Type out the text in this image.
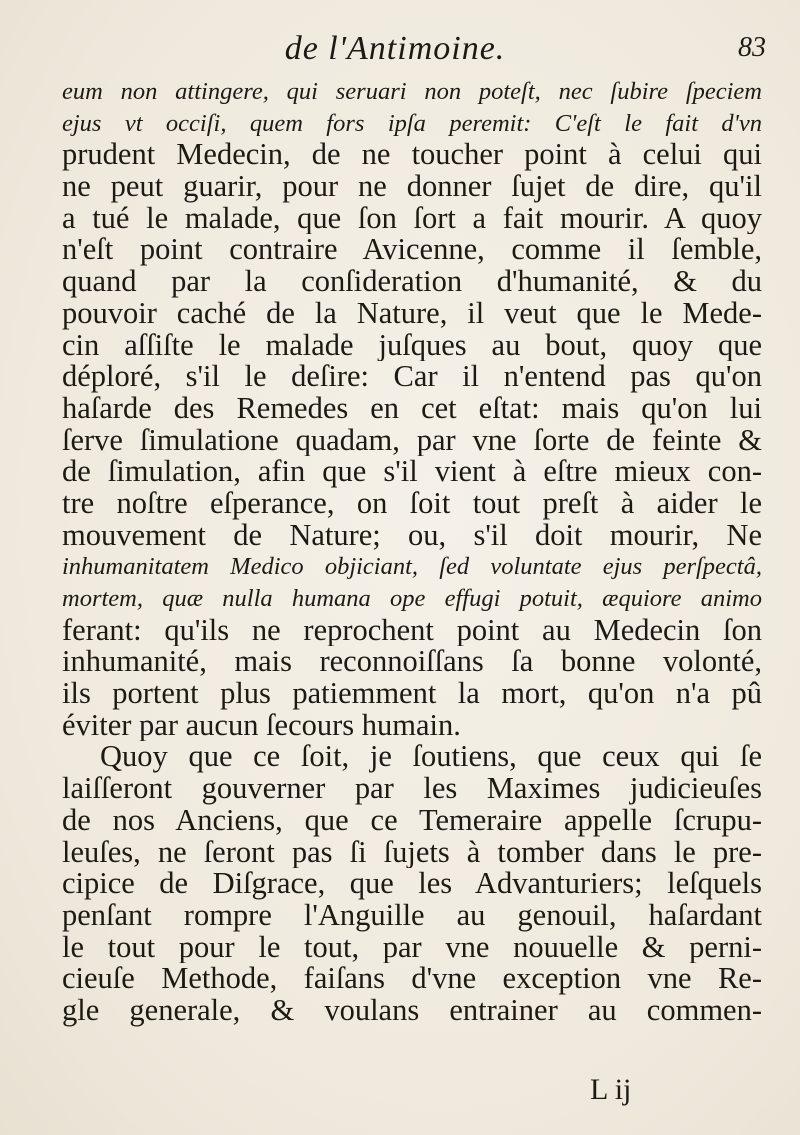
de l'Antimoine.	83
eum non attingere, qui seruari non poteſt, nec ſubire ſpeciem
ejus vt occiſi, quem fors ipſa peremit: C'eſt le fait d'vn
prudent Medecin, de ne toucher point à celui qui
ne peut guarir, pour ne donner ſujet de dire, qu'il
a tué le malade, que ſon ſort a fait mourir. A quoy
n'eſt point contraire Avicenne, comme il ſemble,
quand par la conſideration d'humanité, & du
pouvoir caché de la Nature, il veut que le Mede-
cin aſſiſte le malade juſques au bout, quoy que
déploré, s'il le deſire: Car il n'entend pas qu'on
haſarde des Remedes en cet eſtat: mais qu'on lui
ſerve ſimulatione quadam, par vne ſorte de feinte &
de ſimulation, afin que s'il vient à eſtre mieux con-
tre noſtre eſperance, on ſoit tout preſt à aider le
mouvement de Nature; ou, s'il doit mourir, Ne
inhumanitatem Medico objiciant, ſed voluntate ejus perſpectâ,
mortem, quæ nulla humana ope effugi potuit, æquiore animo
ferant: qu'ils ne reprochent point au Medecin ſon
inhumanité, mais reconnoiſſans ſa bonne volonté,
ils portent plus patiemment la mort, qu'on n'a pû
éviter par aucun ſecours humain.
Quoy que ce ſoit, je ſoutiens, que ceux qui ſe
laiſſeront gouverner par les Maximes judicieuſes
de nos Anciens, que ce Temeraire appelle ſcrupu-
leuſes, ne ſeront pas ſi ſujets à tomber dans le pre-
cipice de Diſgrace, que les Advanturiers; leſquels
penſant rompre l'Anguille au genouil, haſardant
le tout pour le tout, par vne nouuelle & perni-
cieuſe Methode, faiſans d'vne exception vne Re-
gle generale, & voulans entrainer au commen-
L ij
